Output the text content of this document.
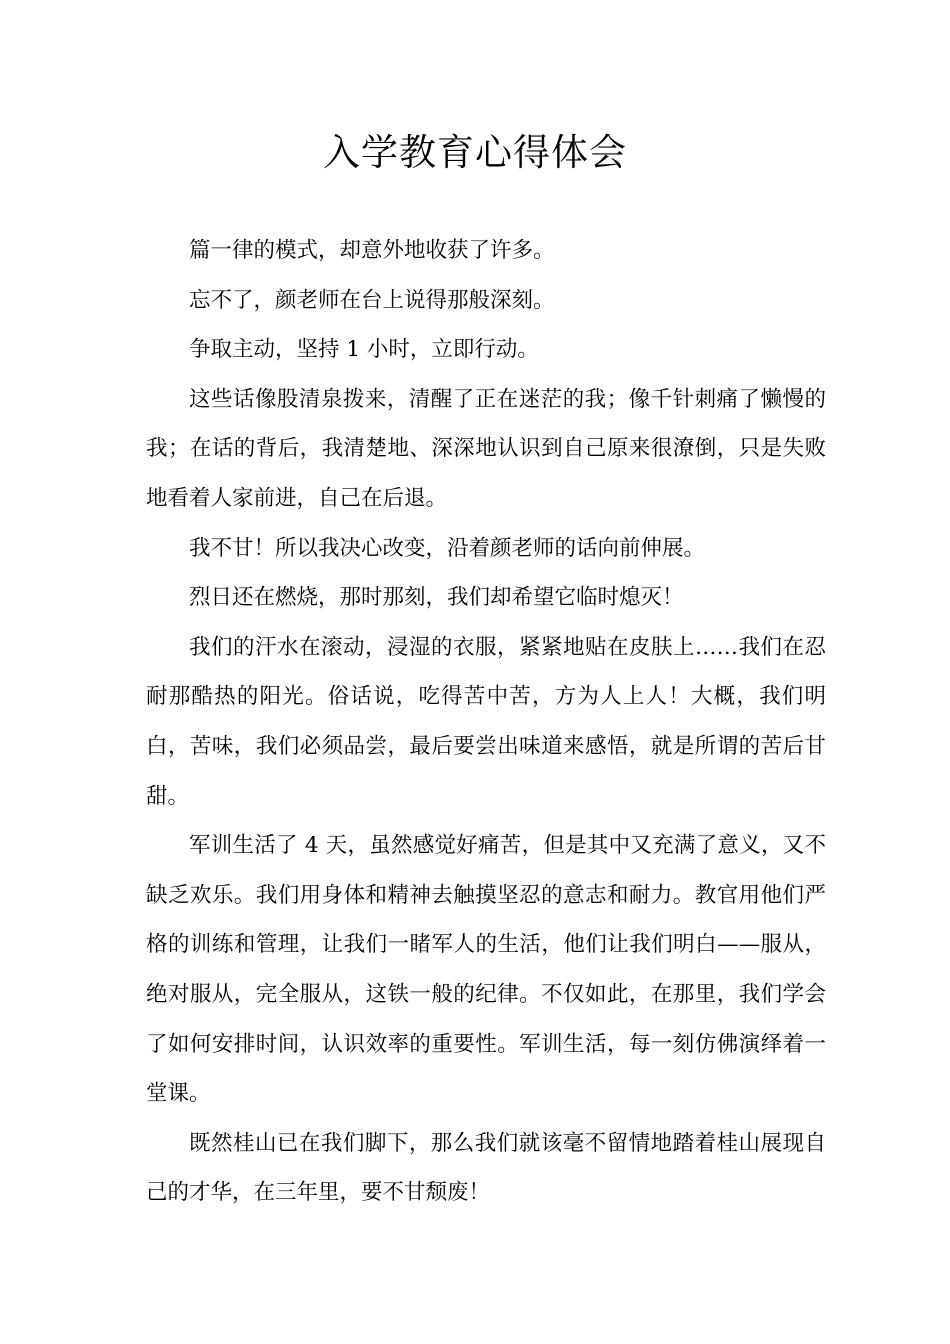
入学教育心得体会

篇一律的模式，却意外地收获了许多。

忘不了，颜老师在台上说得那般深刻。

争取主动，坚持 1 小时，立即行动。

这些话像股清泉拨来，清醒了正在迷茫的我；像千针刺痛了懒慢的我；在话的背后，我清楚地、深深地认识到自己原来很潦倒，只是失败地看着人家前进，自己在后退。

我不甘！所以我决心改变，沿着颜老师的话向前伸展。

烈日还在燃烧，那时那刻，我们却希望它临时熄灭！

我们的汗水在滚动，浸湿的衣服，紧紧地贴在皮肤上……我们在忍耐那酷热的阳光。俗话说，吃得苦中苦，方为人上人！大概，我们明白，苦味，我们必须品尝，最后要尝出味道来感悟，就是所谓的苦后甘甜。

军训生活了 4 天，虽然感觉好痛苦，但是其中又充满了意义，又不缺乏欢乐。我们用身体和精神去触摸坚忍的意志和耐力。教官用他们严格的训练和管理，让我们一睹军人的生活，他们让我们明白——服从，绝对服从，完全服从，这铁一般的纪律。不仅如此，在那里，我们学会了如何安排时间，认识效率的重要性。军训生活，每一刻仿佛演绎着一堂课。

既然桂山已在我们脚下，那么我们就该毫不留情地踏着桂山展现自己的才华，在三年里，要不甘颓废！
